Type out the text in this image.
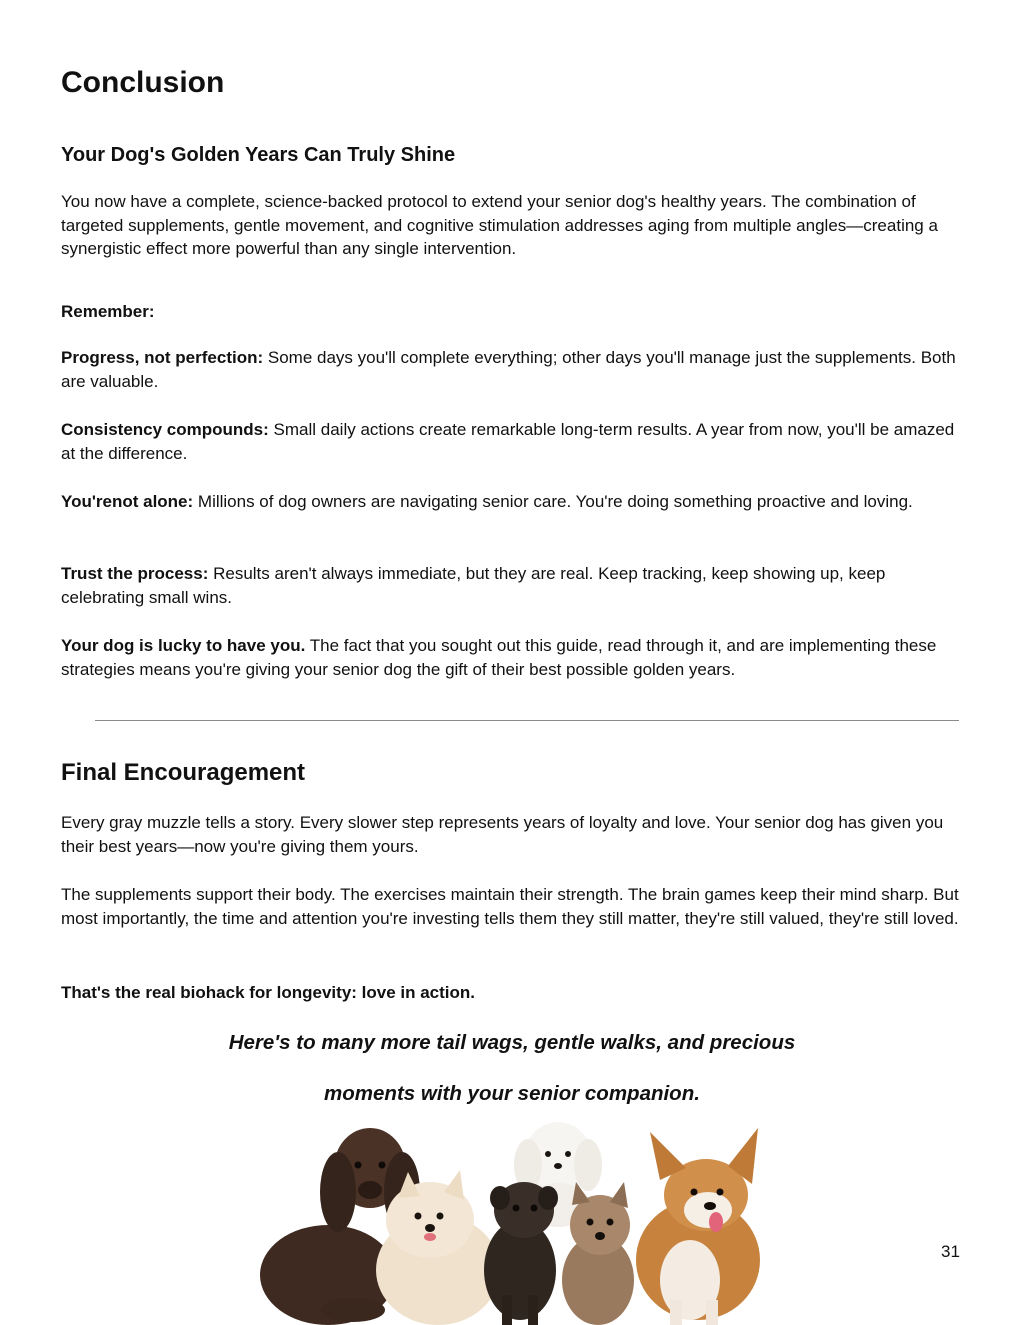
Conclusion
Your Dog's Golden Years Can Truly Shine

You now have a complete, science-backed protocol to extend your senior dog's healthy years. The combination of targeted supplements, gentle movement, and cognitive stimulation addresses aging from multiple angles—creating a synergistic effect more powerful than any single intervention.

Remember:

Progress, not perfection: Some days you'll complete everything; other days you'll manage just the supplements. Both are valuable.

Consistency compounds: Small daily actions create remarkable long-term results. A year from now, you'll be amazed at the difference.

You'renot alone: Millions of dog owners are navigating senior care. You're doing something proactive and loving.

Trust the process: Results aren't always immediate, but they are real. Keep tracking, keep showing up, keep celebrating small wins.

Your dog is lucky to have you. The fact that you sought out this guide, read through it, and are implementing these strategies means you're giving your senior dog the gift of their best possible golden years.

Final Encouragement

Every gray muzzle tells a story. Every slower step represents years of loyalty and love. Your senior dog has given you their best years—now you're giving them yours.

The supplements support their body. The exercises maintain their strength. The brain games keep their mind sharp. But most importantly, the time and attention you're investing tells them they still matter, they're still valued, they're still loved.

That's the real biohack for longevity: love in action.

Here's to many more tail wags, gentle walks, and precious

moments with your senior companion.

31
